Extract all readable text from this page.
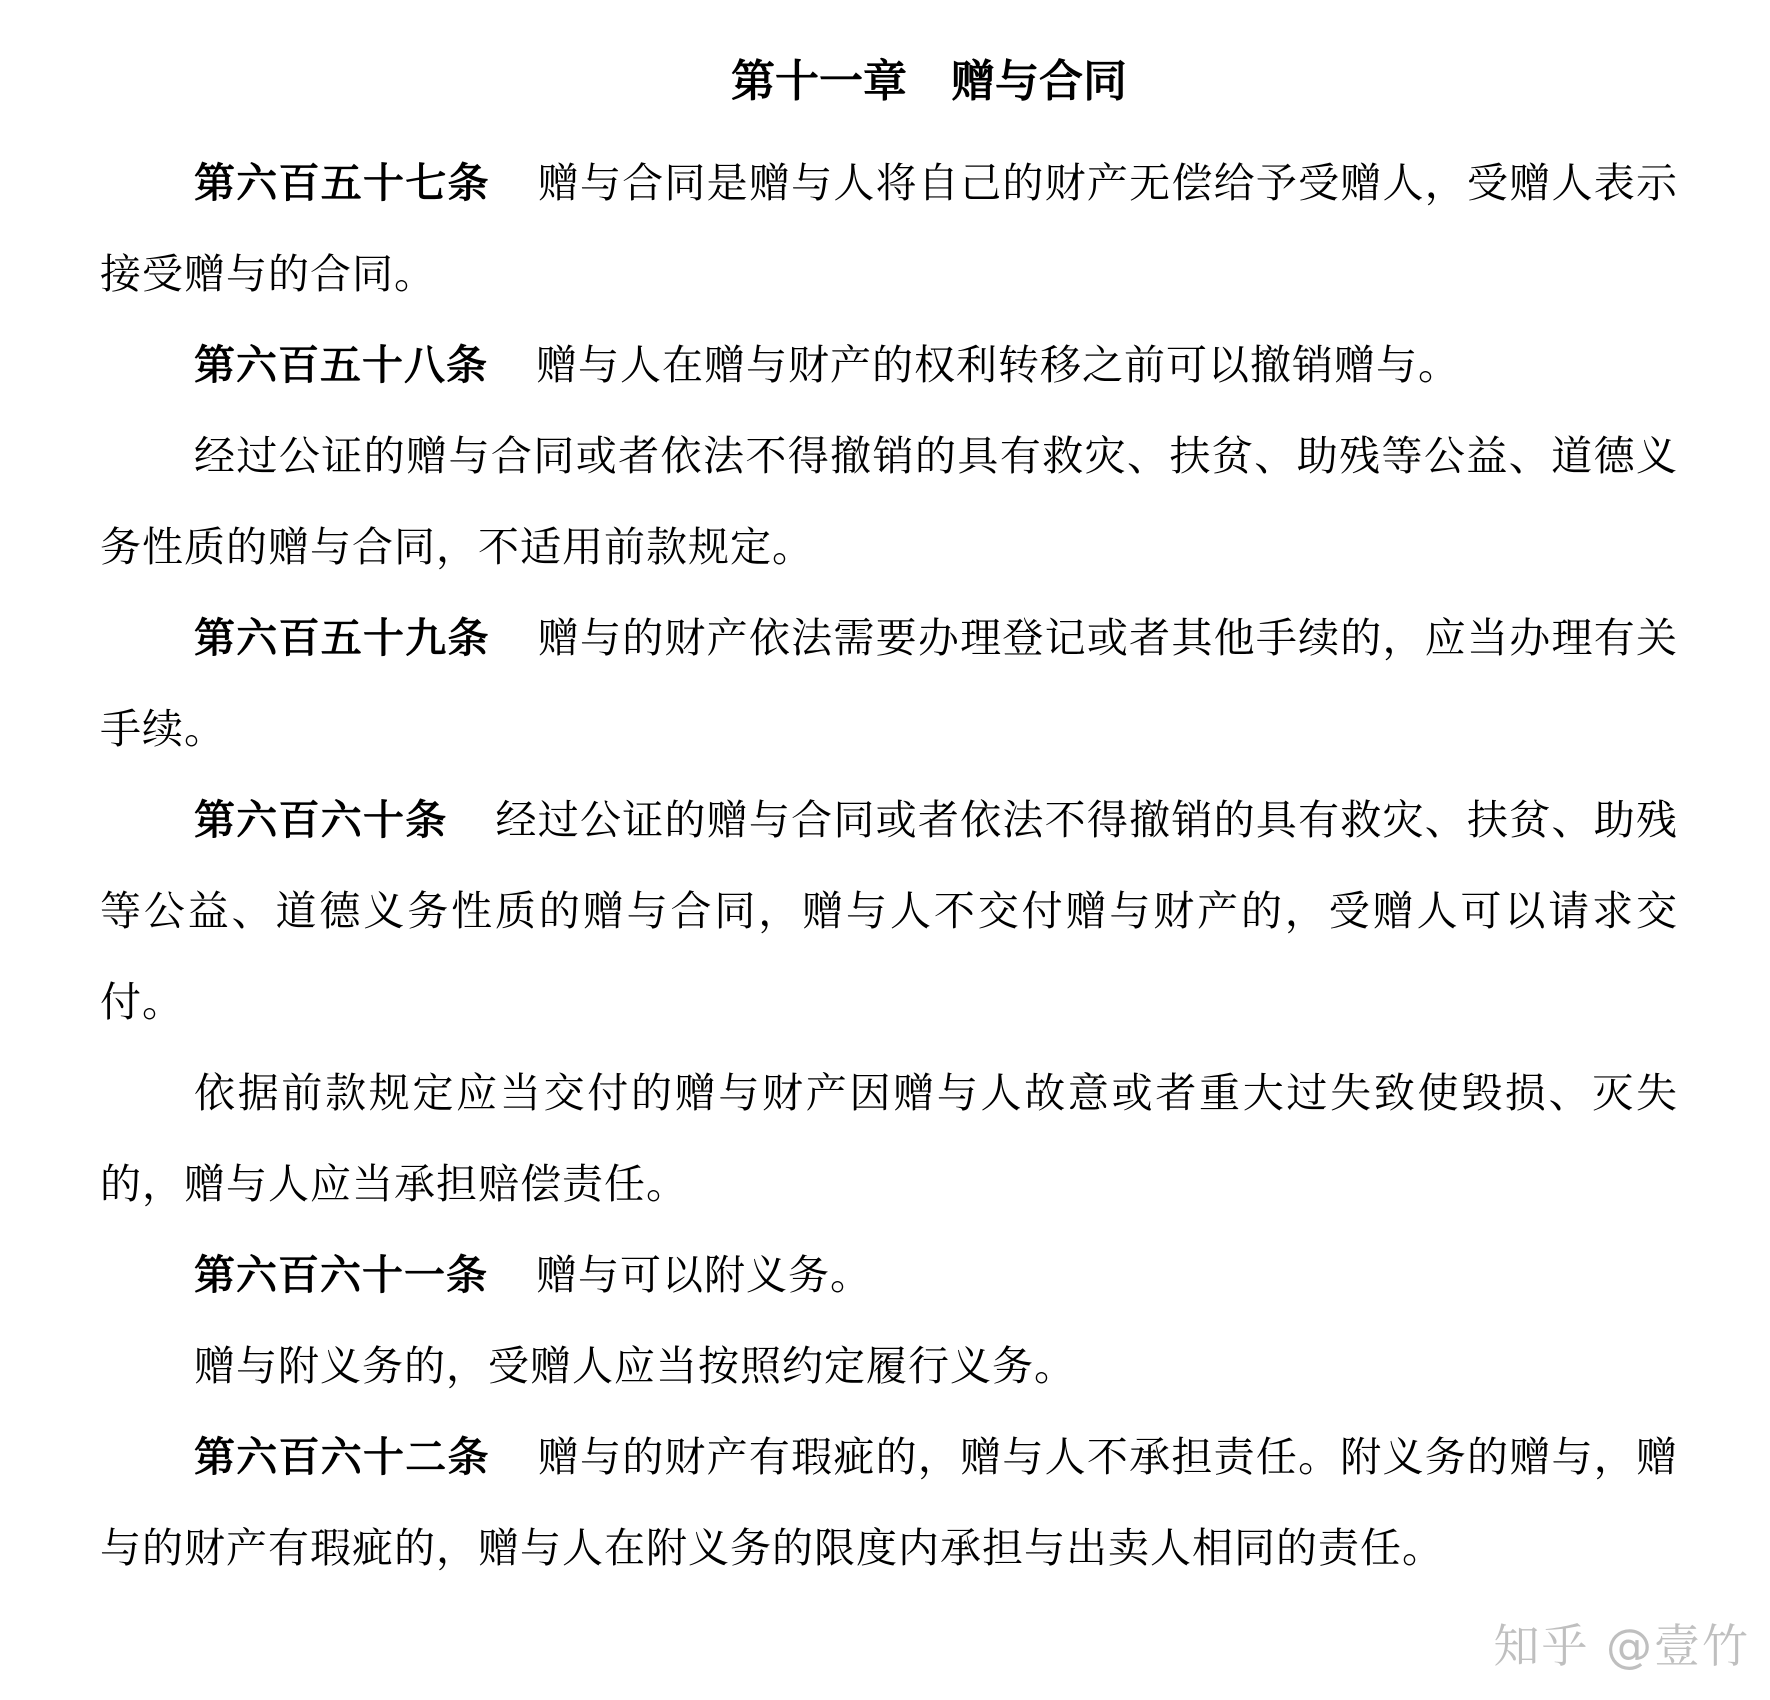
第十一章　赠与合同

第六百五十七条 赠与合同是赠与人将自己的财产无偿给予受赠人，受赠人表示接受赠与的合同。

第六百五十八条 赠与人在赠与财产的权利转移之前可以撤销赠与。

经过公证的赠与合同或者依法不得撤销的具有救灾、扶贫、助残等公益、道德义务性质的赠与合同，不适用前款规定。

第六百五十九条 赠与的财产依法需要办理登记或者其他手续的，应当办理有关手续。

第六百六十条 经过公证的赠与合同或者依法不得撤销的具有救灾、扶贫、助残等公益、道德义务性质的赠与合同，赠与人不交付赠与财产的，受赠人可以请求交付。

依据前款规定应当交付的赠与财产因赠与人故意或者重大过失致使毁损、灭失的，赠与人应当承担赔偿责任。

第六百六十一条 赠与可以附义务。

赠与附义务的，受赠人应当按照约定履行义务。

第六百六十二条 赠与的财产有瑕疵的，赠与人不承担责任。附义务的赠与，赠与的财产有瑕疵的，赠与人在附义务的限度内承担与出卖人相同的责任。

知乎 @壹竹
